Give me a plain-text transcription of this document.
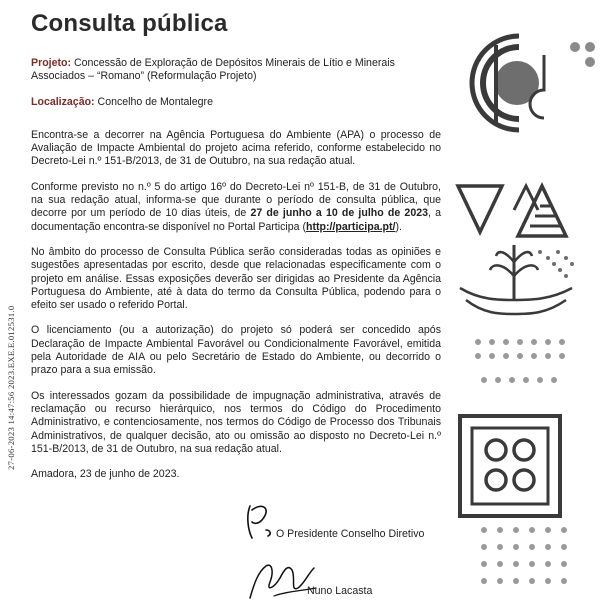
Consulta pública
27-06-2023 14:47:56 2023.EXE.E.012531.0

Projeto: Concessão de Exploração de Depósitos Minerais de Lítio e Minerais Associados – “Romano” (Reformulação Projeto)

Localização: Concelho de Montalegre

Encontra-se a decorrer na Agência Portuguesa do Ambiente (APA) o processo de Avaliação de Impacte Ambiental do projeto acima referido, conforme estabelecido no Decreto-Lei n.º 151-B/2013, de 31 de Outubro, na sua redação atual.

Conforme previsto no n.º 5 do artigo 16º do Decreto-Lei nº 151-B, de 31 de Outubro, na sua redação atual, informa-se que durante o período de consulta pública, que decorre por um período de 10 dias úteis, de 27 de junho a 10 de julho de 2023, a documentação encontra-se disponível no Portal Participa (http://participa.pt/).

No âmbito do processo de Consulta Pública serão consideradas todas as opiniões e sugestões apresentadas por escrito, desde que relacionadas especificamente com o projeto em análise. Essas exposições deverão ser dirigidas ao Presidente da Agência Portuguesa do Ambiente, até à data do termo da Consulta Pública, podendo para o efeito ser usado o referido Portal.

O licenciamento (ou a autorização) do projeto só poderá ser concedido após Declaração de Impacte Ambiental Favorável ou Condicionalmente Favorável, emitida pela Autoridade de AIA ou pelo Secretário de Estado do Ambiente, ou decorrido o prazo para a sua emissão.

Os interessados gozam da possibilidade de impugnação administrativa, através de reclamação ou recurso hierárquico, nos termos do Código do Procedimento Administrativo, e contenciosamente, nos termos do Código de Processo dos Tribunais Administrativos, de qualquer decisão, ato ou omissão ao disposto no Decreto-Lei n.º 151-B/2013, de 31 de Outubro, na sua redação atual.

Amadora, 23 de junho de 2023.

O Presidente Conselho Diretivo
Nuno Lacasta
